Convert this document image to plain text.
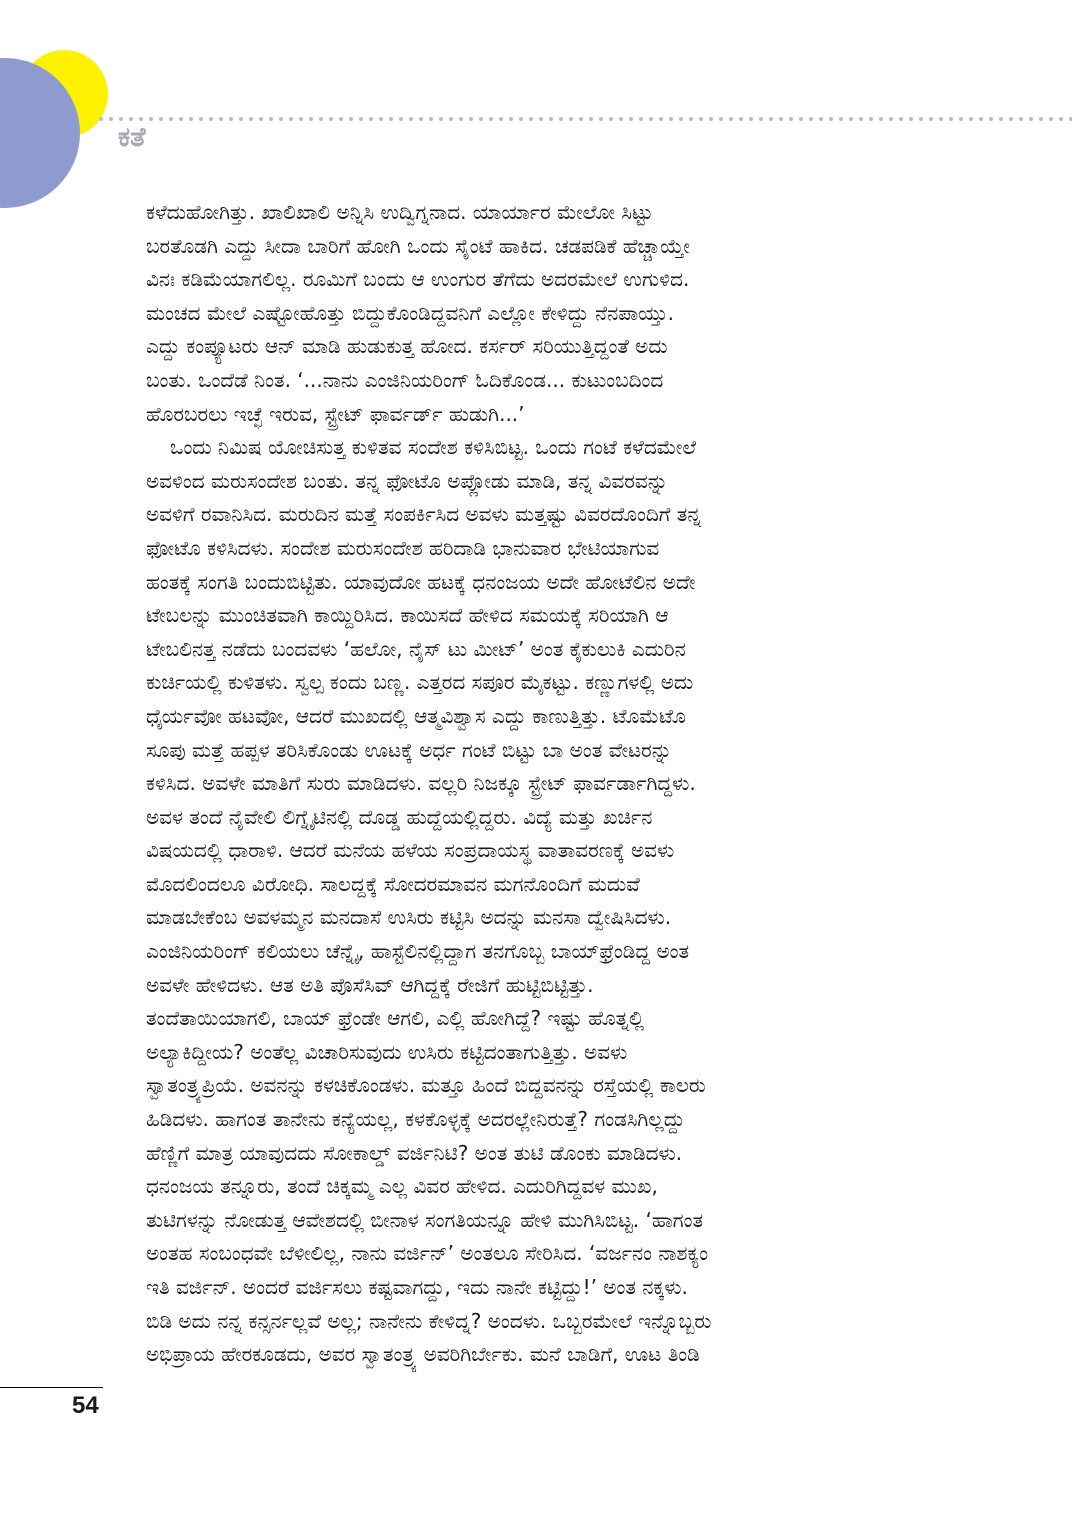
ಕತೆ
ಕಳೆದುಹೋಗಿತ್ತು. ಖಾಲಿಖಾಲಿ ಅನ್ನಿಸಿ ಉದ್ವಿಗ್ನನಾದ. ಯಾರ್ಯಾರ ಮೇಲೋ ಸಿಟ್ಟು
ಬರತೊಡಗಿ ಎದ್ದು ಸೀದಾ ಬಾರಿಗೆ ಹೋಗಿ ಒಂದು ಸೈಂಟೆ ಹಾಕಿದ. ಚಡಪಡಿಕೆ ಹೆಚ್ಚಾಯ್ತೇ
ವಿನಃ ಕಡಿಮೆಯಾಗಲಿಲ್ಲ. ರೂಮಿಗೆ ಬಂದು ಆ ಉಂಗುರ ತೆಗೆದು ಅದರಮೇಲೆ ಉಗುಳಿದ.
ಮಂಚದ ಮೇಲೆ ಎಷ್ಟೋಹೊತ್ತು ಬಿದ್ದುಕೊಂಡಿದ್ದವನಿಗೆ ಎಲ್ಲೋ ಕೇಳಿದ್ದು ನೆನಪಾಯ್ತು.
ಎದ್ದು ಕಂಪ್ಯೂಟರು ಆನ್ ಮಾಡಿ ಹುಡುಕುತ್ತ ಹೋದ. ಕರ್ಸರ್ ಸರಿಯುತ್ತಿದ್ದಂತೆ ಅದು
ಬಂತು. ಒಂದೆಡೆ ನಿಂತ. ‘...ನಾನು ಎಂಜಿನಿಯರಿಂಗ್ ಓದಿಕೊಂಡ... ಕುಟುಂಬದಿಂದ
ಹೊರಬರಲು ಇಚ್ಛೆ ಇರುವ, ಸ್ಟ್ರೇಟ್ ಫಾರ್ವರ್ಡ್ ಹುಡುಗಿ...’
ಒಂದು ನಿಮಿಷ ಯೋಚಿಸುತ್ತ ಕುಳಿತವ ಸಂದೇಶ ಕಳಿಸಿಬಿಟ್ಟ. ಒಂದು ಗಂಟೆ ಕಳೆದಮೇಲೆ
ಅವಳಿಂದ ಮರುಸಂದೇಶ ಬಂತು. ತನ್ನ ಫೋಟೊ ಅಪ್ಲೋಡು ಮಾಡಿ, ತನ್ನ ವಿವರವನ್ನು
ಅವಳಿಗೆ ರವಾನಿಸಿದ. ಮರುದಿನ ಮತ್ತೆ ಸಂಪರ್ಕಿಸಿದ ಅವಳು ಮತ್ತಷ್ಟು ವಿವರದೊಂದಿಗೆ ತನ್ನ
ಫೋಟೊ ಕಳಿಸಿದಳು. ಸಂದೇಶ ಮರುಸಂದೇಶ ಹರಿದಾಡಿ ಭಾನುವಾರ ಭೇಟಿಯಾಗುವ
ಹಂತಕ್ಕೆ ಸಂಗತಿ ಬಂದುಬಿಟ್ಟಿತು. ಯಾವುದೋ ಹಟಕ್ಕೆ ಧನಂಜಯ ಅದೇ ಹೋಟೆಲಿನ ಅದೇ
ಟೇಬಲನ್ನು ಮುಂಚಿತವಾಗಿ ಕಾಯ್ದಿರಿಸಿದ. ಕಾಯಿಸದೆ ಹೇಳಿದ ಸಮಯಕ್ಕೆ ಸರಿಯಾಗಿ ಆ
ಟೇಬಲಿನತ್ತ ನಡೆದು ಬಂದವಳು ‘ಹಲೋ, ನೈಸ್ ಟು ಮೀಟ್’ ಅಂತ ಕೈಕುಲುಕಿ ಎದುರಿನ
ಕುರ್ಚಿಯಲ್ಲಿ ಕುಳಿತಳು. ಸ್ವಲ್ಪ ಕಂದು ಬಣ್ಣ. ಎತ್ತರದ ಸಪೂರ ಮೈಕಟ್ಟು. ಕಣ್ಣುಗಳಲ್ಲಿ ಅದು
ಧೈರ್ಯವೋ ಹಟವೋ, ಆದರೆ ಮುಖದಲ್ಲಿ ಆತ್ಮವಿಶ್ವಾಸ ಎದ್ದು ಕಾಣುತ್ತಿತ್ತು. ಟೊಮೆಟೊ
ಸೂಪು ಮತ್ತೆ ಹಪ್ಪಳ ತರಿಸಿಕೊಂಡು ಊಟಕ್ಕೆ ಅರ್ಧ ಗಂಟೆ ಬಿಟ್ಟು ಬಾ ಅಂತ ವೇಟರನ್ನು
ಕಳಿಸಿದ. ಅವಳೇ ಮಾತಿಗೆ ಸುರು ಮಾಡಿದಳು. ವಲ್ಲರಿ ನಿಜಕ್ಕೂ ಸ್ಟ್ರೇಟ್ ಫಾರ್ವರ್ಡಾಗಿದ್ದಳು.
ಅವಳ ತಂದೆ ನೈವೇಲಿ ಲಿಗ್ನೈಟಿನಲ್ಲಿ ದೊಡ್ಡ ಹುದ್ದೆಯಲ್ಲಿದ್ದರು. ವಿದ್ಯೆ ಮತ್ತು ಖರ್ಚಿನ
ವಿಷಯದಲ್ಲಿ ಧಾರಾಳಿ. ಆದರೆ ಮನೆಯ ಹಳೆಯ ಸಂಪ್ರದಾಯಸ್ಥ ವಾತಾವರಣಕ್ಕೆ ಅವಳು
ಮೊದಲಿಂದಲೂ ವಿರೋಧಿ. ಸಾಲದ್ದಕ್ಕೆ ಸೋದರಮಾವನ ಮಗನೊಂದಿಗೆ ಮದುವೆ
ಮಾಡಬೇಕೆಂಬ ಅವಳಮ್ಮನ ಮನದಾಸೆ ಉಸಿರು ಕಟ್ಟಿಸಿ ಅದನ್ನು ಮನಸಾ ದ್ವೇಷಿಸಿದಳು.
ಎಂಜಿನಿಯರಿಂಗ್ ಕಲಿಯಲು ಚೆನ್ನೈ, ಹಾಸ್ಟೆಲಿನಲ್ಲಿದ್ದಾಗ ತನಗೊಬ್ಬ ಬಾಯ್‌ಫ್ರೆಂಡಿದ್ದ ಅಂತ
ಅವಳೇ ಹೇಳಿದಳು. ಆತ ಅತಿ ಪೊಸೆಸಿವ್ ಆಗಿದ್ದಕ್ಕೆ ರೇಜಿಗೆ ಹುಟ್ಟಿಬಿಟ್ಟಿತ್ತು.
ತಂದೆತಾಯಿಯಾಗಲಿ, ಬಾಯ್ ಫ್ರೆಂಡೇ ಆಗಲಿ, ಎಲ್ಲಿ ಹೋಗಿದ್ದೆ? ಇಷ್ಟು ಹೊತ್ನಲ್ಲಿ
ಅಲ್ಯಾಕಿದ್ದೀಯ? ಅಂತೆಲ್ಲ ವಿಚಾರಿಸುವುದು ಉಸಿರು ಕಟ್ಟಿದಂತಾಗುತ್ತಿತ್ತು. ಅವಳು
ಸ್ವಾತಂತ್ರ್ಯಪ್ರಿಯೆ. ಅವನನ್ನು ಕಳಚಿಕೊಂಡಳು. ಮತ್ತೂ ಹಿಂದೆ ಬಿದ್ದವನನ್ನು ರಸ್ತೆಯಲ್ಲಿ ಕಾಲರು
ಹಿಡಿದಳು. ಹಾಗಂತ ತಾನೇನು ಕನ್ಯೆಯಲ್ಲ, ಕಳಕೊಳ್ಳಕ್ಕೆ ಅದರಲ್ಲೇನಿರುತ್ತೆ? ಗಂಡಸಿಗಿಲ್ಲದ್ದು
ಹೆಣ್ಣಿಗೆ ಮಾತ್ರ ಯಾವುದದು ಸೋಕಾಲ್ಡ್ ವರ್ಜಿನಿಟಿ? ಅಂತ ತುಟಿ ಡೊಂಕು ಮಾಡಿದಳು.
ಧನಂಜಯ ತನ್ನೂರು, ತಂದೆ ಚಿಕ್ಕಮ್ಮ ಎಲ್ಲ ವಿವರ ಹೇಳಿದ. ಎದುರಿಗಿದ್ದವಳ ಮುಖ,
ತುಟಿಗಳನ್ನು ನೋಡುತ್ತ ಆವೇಶದಲ್ಲಿ ಬೀನಾಳ ಸಂಗತಿಯನ್ನೂ ಹೇಳಿ ಮುಗಿಸಿಬಿಟ್ಟ. ‘ಹಾಗಂತ
ಅಂತಹ ಸಂಬಂಧವೇ ಬೆಳೀಲಿಲ್ಲ, ನಾನು ವರ್ಜಿನ್’ ಅಂತಲೂ ಸೇರಿಸಿದ. ‘ವರ್ಜನಂ ನಾಶಕ್ಯಂ
ಇತಿ ವರ್ಜಿನ್. ಅಂದರೆ ವರ್ಜಿಸಲು ಕಷ್ಟವಾಗದ್ದು, ಇದು ನಾನೇ ಕಟ್ಟಿದ್ದು!’ ಅಂತ ನಕ್ಕಳು.
ಬಿಡಿ ಅದು ನನ್ನ ಕನ್ಸರ್ನಲ್ಲವೆ ಅಲ್ಲ; ನಾನೇನು ಕೇಳಿದ್ನ? ಅಂದಳು. ಒಬ್ಬರಮೇಲೆ ಇನ್ನೊಬ್ಬರು
ಅಭಿಪ್ರಾಯ ಹೇರಕೂಡದು, ಅವರ ಸ್ವಾತಂತ್ರ್ಯ ಅವರಿಗಿರ್ಬೇಕು. ಮನೆ ಬಾಡಿಗೆ, ಊಟ ತಿಂಡಿ
54
